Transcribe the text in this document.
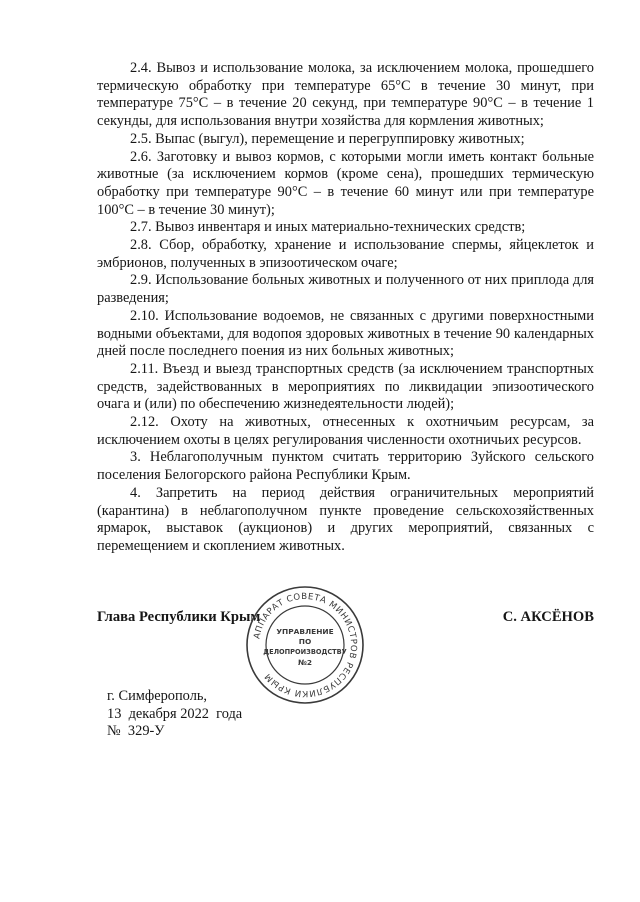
2.4. Вывоз и использование молока, за исключением молока, прошедшего термическую обработку при температуре 65°С в течение 30 минут, при температуре 75°С – в течение 20 секунд, при температуре 90°С – в течение 1 секунды, для использования внутри хозяйства для кормления животных;

2.5. Выпас (выгул), перемещение и перегруппировку животных;

2.6. Заготовку и вывоз кормов, с которыми могли иметь контакт больные животные (за исключением кормов (кроме сена), прошедших термическую обработку при температуре 90°С – в течение 60 минут или при температуре 100°С – в течение 30 минут);

2.7. Вывоз инвентаря и иных материально-технических средств;

2.8. Сбор, обработку, хранение и использование спермы, яйцеклеток и эмбрионов, полученных в эпизоотическом очаге;

2.9. Использование больных животных и полученного от них приплода для разведения;

2.10. Использование водоемов, не связанных с другими поверхностными водными объектами, для водопоя здоровых животных в течение 90 календарных дней после последнего поения из них больных животных;

2.11. Въезд и выезд транспортных средств (за исключением транспортных средств, задействованных в мероприятиях по ликвидации эпизоотического очага и (или) по обеспечению жизнедеятельности людей);

2.12. Охоту на животных, отнесенных к охотничьим ресурсам, за исключением охоты в целях регулирования численности охотничьих ресурсов.

3. Неблагополучным пунктом считать территорию Зуйского сельского поселения Белогорского района Республики Крым.

4. Запретить на период действия ограничительных мероприятий (карантина) в неблагополучном пункте проведение сельскохозяйственных ярмарок, выставок (аукционов) и других мероприятий, связанных с перемещением и скоплением животных.

Глава Республики Крым	С. АКСЁНОВ
АППАРАТ СОВЕТА МИНИСТРОВ РЕСПУБЛИКИ КРЫМ
УПРАВЛЕНИЕ
ПО
ДЕЛОПРОИЗВОДСТВУ
№2
г. Симферополь,
13  декабря 2022  года
№  329-У
